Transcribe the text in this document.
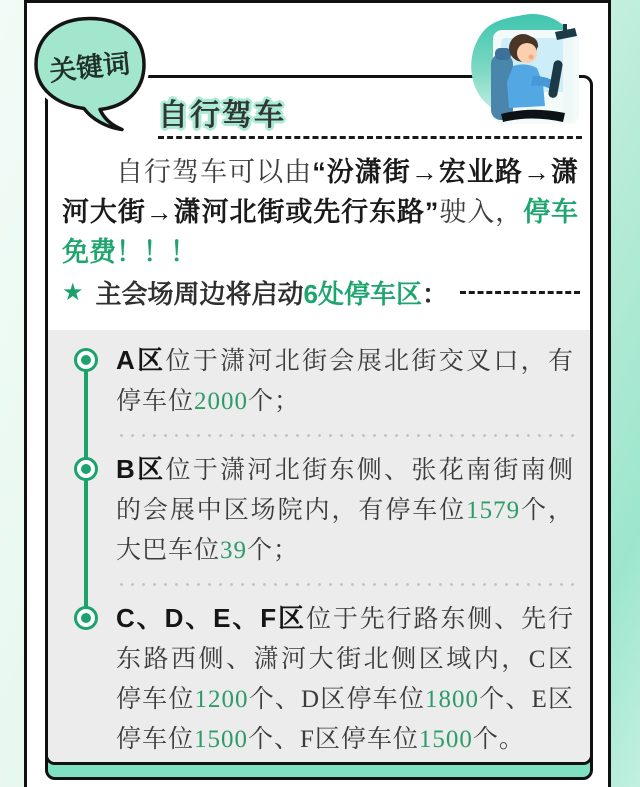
自行驾车
自行驾车可以由“汾潇街→宏业路→潇河大街→潇河北街或先行东路”驶入，停车免费！！！
★ 主会场周边将启动 6处停车区 ：
A区位于潇河北街会展北街交叉口，有停车位2000个；
B区位于潇河北街东侧、张花南街南侧的会展中区场院内，有停车位1579个，大巴车位39个；
C、D、E、F区位于先行路东侧、先行东路西侧、潇河大街北侧区域内，C区停车位1200个、D区停车位1800个、E区停车位1500个、F区停车位1500个。
关键词
